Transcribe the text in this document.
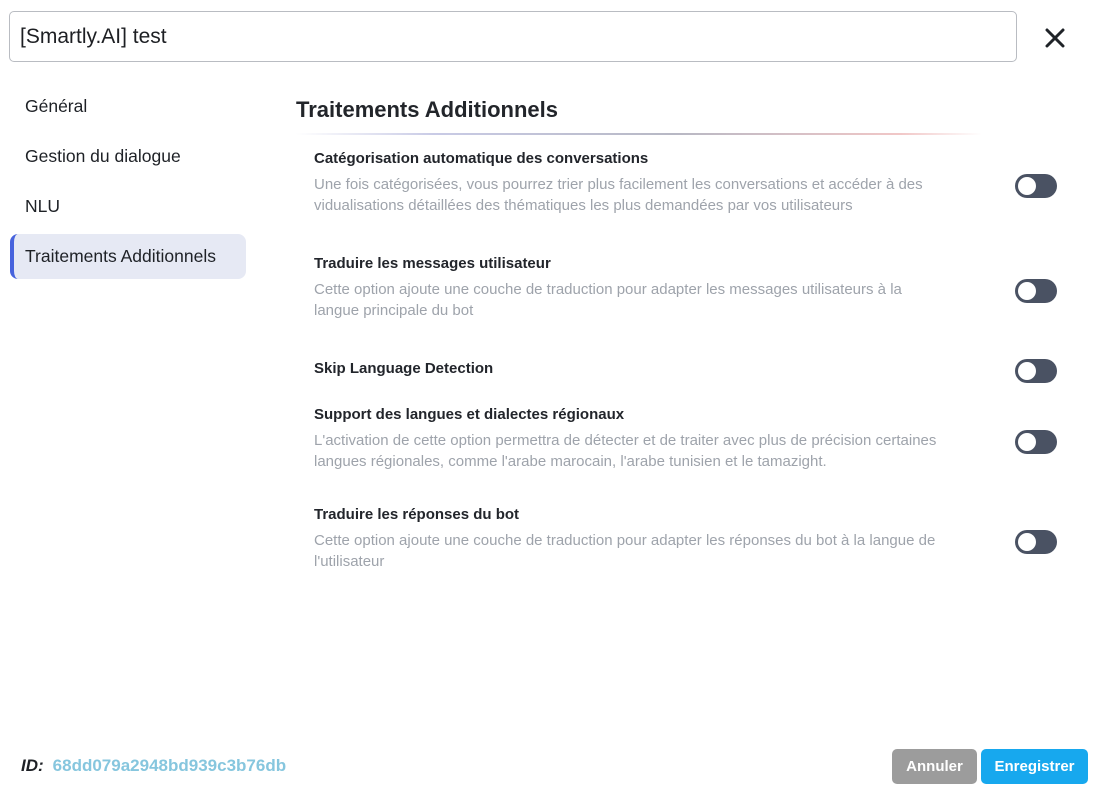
[Smartly.AI] test
Général
Gestion du dialogue
NLU
Traitements Additionnels
Traitements Additionnels
Catégorisation automatique des conversations
Une fois catégorisées, vous pourrez trier plus facilement les conversations et accéder à des vidualisations détaillées des thématiques les plus demandées par vos utilisateurs
Traduire les messages utilisateur
Cette option ajoute une couche de traduction pour adapter les messages utilisateurs à la langue principale du bot
Skip Language Detection
Support des langues et dialectes régionaux
L'activation de cette option permettra de détecter et de traiter avec plus de précision certaines langues régionales, comme l'arabe marocain, l'arabe tunisien et le tamazight.
Traduire les réponses du bot
Cette option ajoute une couche de traduction pour adapter les réponses du bot à la langue de l'utilisateur
ID: 68dd079a2948bd939c3b76db	Annuler	Enregistrer
